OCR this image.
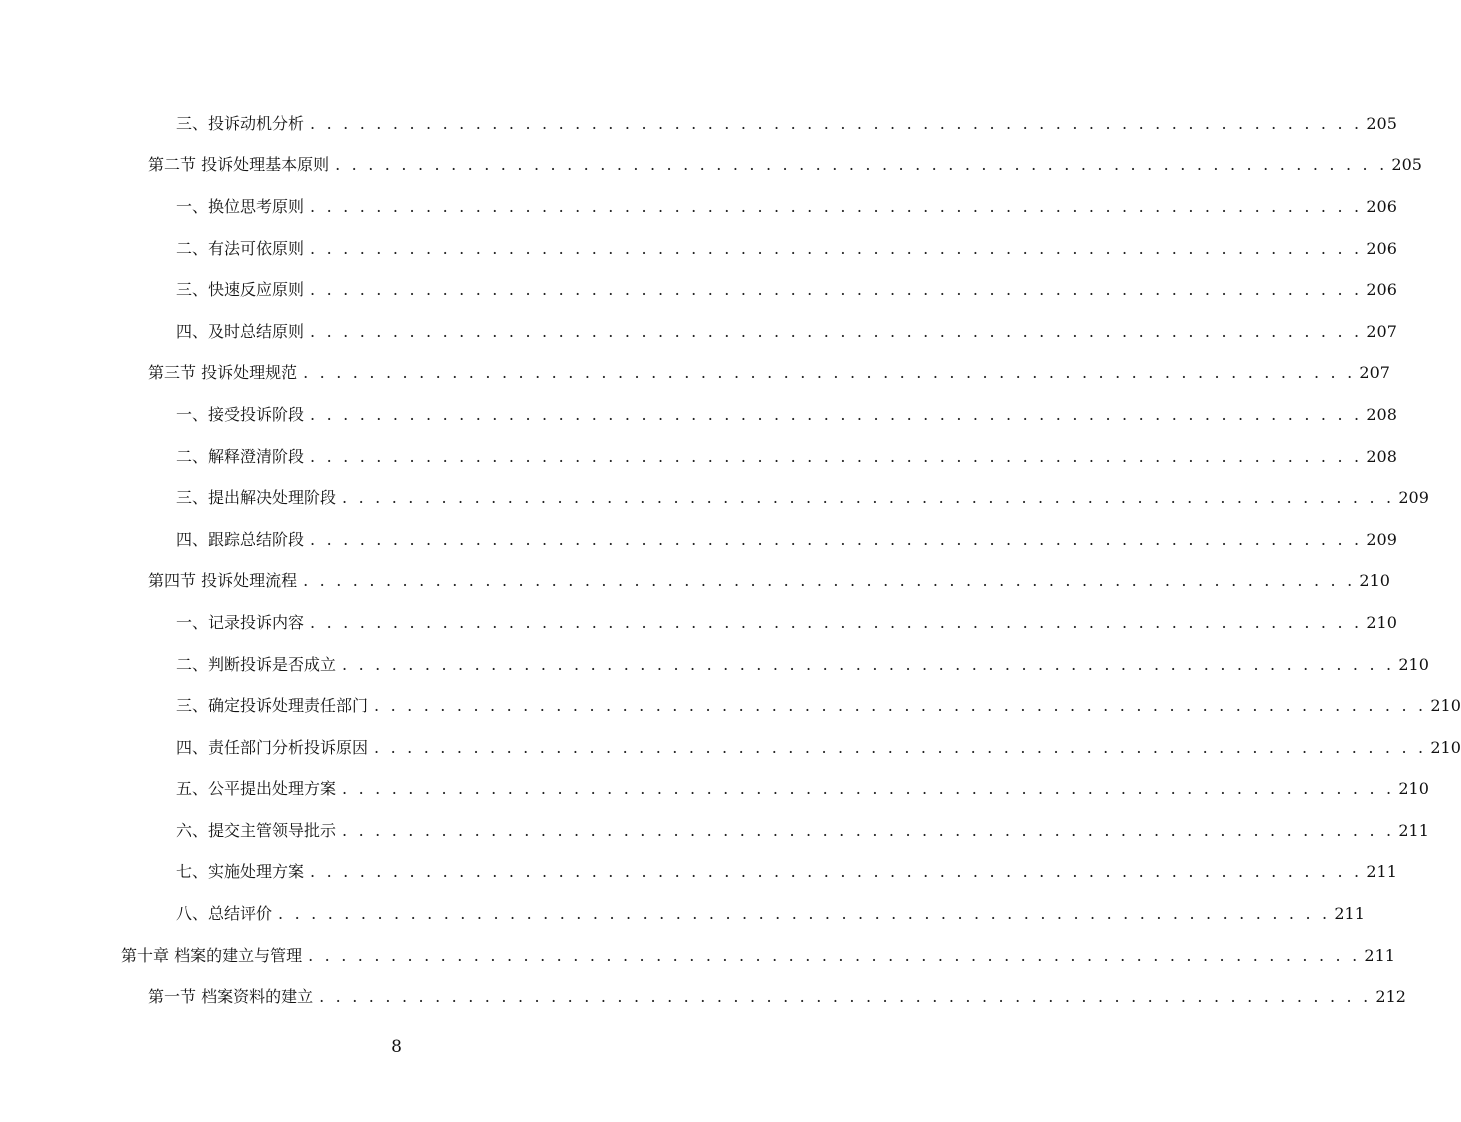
三、投诉动机分析 . . . . . . . . . . . . . . . . . . . . . . . . . . . . . . . . . . . . . . . . . . . . . . . . . . . . . . . . . . . . . . . . 205
第二节 投诉处理基本原则 . . . . . . . . . . . . . . . . . . . . . . . . . . . . . . . . . . . . . . . . . . . . . . . . . . . . . . . . . . . . . . . . 205
一、换位思考原则 . . . . . . . . . . . . . . . . . . . . . . . . . . . . . . . . . . . . . . . . . . . . . . . . . . . . . . . . . . . . . . . . 206
二、有法可依原则 . . . . . . . . . . . . . . . . . . . . . . . . . . . . . . . . . . . . . . . . . . . . . . . . . . . . . . . . . . . . . . . . 206
三、快速反应原则 . . . . . . . . . . . . . . . . . . . . . . . . . . . . . . . . . . . . . . . . . . . . . . . . . . . . . . . . . . . . . . . . 206
四、及时总结原则 . . . . . . . . . . . . . . . . . . . . . . . . . . . . . . . . . . . . . . . . . . . . . . . . . . . . . . . . . . . . . . . . 207
第三节 投诉处理规范 . . . . . . . . . . . . . . . . . . . . . . . . . . . . . . . . . . . . . . . . . . . . . . . . . . . . . . . . . . . . . . . . 207
一、接受投诉阶段 . . . . . . . . . . . . . . . . . . . . . . . . . . . . . . . . . . . . . . . . . . . . . . . . . . . . . . . . . . . . . . . . 208
二、解释澄清阶段 . . . . . . . . . . . . . . . . . . . . . . . . . . . . . . . . . . . . . . . . . . . . . . . . . . . . . . . . . . . . . . . . 208
三、提出解决处理阶段 . . . . . . . . . . . . . . . . . . . . . . . . . . . . . . . . . . . . . . . . . . . . . . . . . . . . . . . . . . . . . . . . 209
四、跟踪总结阶段 . . . . . . . . . . . . . . . . . . . . . . . . . . . . . . . . . . . . . . . . . . . . . . . . . . . . . . . . . . . . . . . . 209
第四节 投诉处理流程 . . . . . . . . . . . . . . . . . . . . . . . . . . . . . . . . . . . . . . . . . . . . . . . . . . . . . . . . . . . . . . . . 210
一、记录投诉内容 . . . . . . . . . . . . . . . . . . . . . . . . . . . . . . . . . . . . . . . . . . . . . . . . . . . . . . . . . . . . . . . . 210
二、判断投诉是否成立 . . . . . . . . . . . . . . . . . . . . . . . . . . . . . . . . . . . . . . . . . . . . . . . . . . . . . . . . . . . . . . . . 210
三、确定投诉处理责任部门 . . . . . . . . . . . . . . . . . . . . . . . . . . . . . . . . . . . . . . . . . . . . . . . . . . . . . . . . . . . . . . . . 210
四、责任部门分析投诉原因 . . . . . . . . . . . . . . . . . . . . . . . . . . . . . . . . . . . . . . . . . . . . . . . . . . . . . . . . . . . . . . . . 210
五、公平提出处理方案 . . . . . . . . . . . . . . . . . . . . . . . . . . . . . . . . . . . . . . . . . . . . . . . . . . . . . . . . . . . . . . . . 210
六、提交主管领导批示 . . . . . . . . . . . . . . . . . . . . . . . . . . . . . . . . . . . . . . . . . . . . . . . . . . . . . . . . . . . . . . . . 211
七、实施处理方案 . . . . . . . . . . . . . . . . . . . . . . . . . . . . . . . . . . . . . . . . . . . . . . . . . . . . . . . . . . . . . . . . 211
八、总结评价 . . . . . . . . . . . . . . . . . . . . . . . . . . . . . . . . . . . . . . . . . . . . . . . . . . . . . . . . . . . . . . . . 211
第十章 档案的建立与管理 . . . . . . . . . . . . . . . . . . . . . . . . . . . . . . . . . . . . . . . . . . . . . . . . . . . . . . . . . . . . . . . . 211
第一节 档案资料的建立 . . . . . . . . . . . . . . . . . . . . . . . . . . . . . . . . . . . . . . . . . . . . . . . . . . . . . . . . . . . . . . . . 212
8
